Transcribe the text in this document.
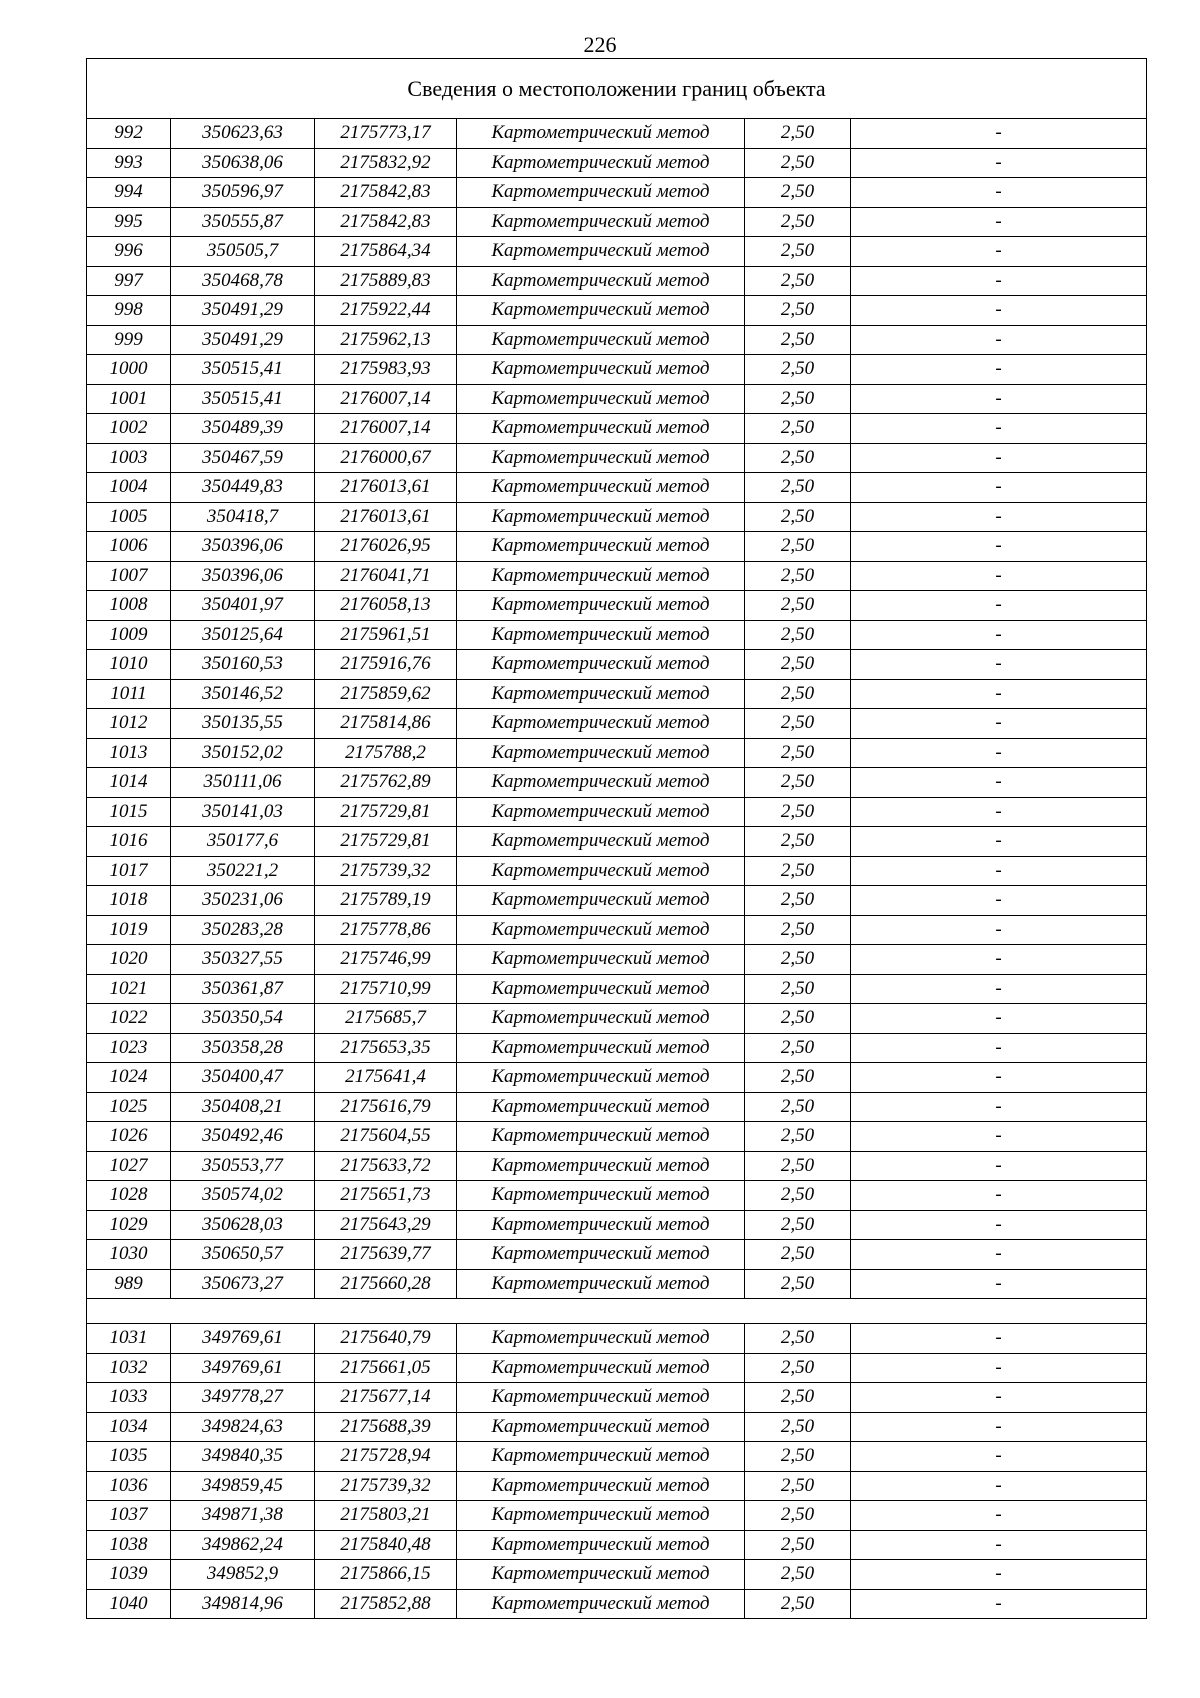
226
Сведения о местоположении границ объекта					
992	350623,63	2175773,17	Картометрический метод	2,50	-
993	350638,06	2175832,92	Картометрический метод	2,50	-
994	350596,97	2175842,83	Картометрический метод	2,50	-
995	350555,87	2175842,83	Картометрический метод	2,50	-
996	350505,7	2175864,34	Картометрический метод	2,50	-
997	350468,78	2175889,83	Картометрический метод	2,50	-
998	350491,29	2175922,44	Картометрический метод	2,50	-
999	350491,29	2175962,13	Картометрический метод	2,50	-
1000	350515,41	2175983,93	Картометрический метод	2,50	-
1001	350515,41	2176007,14	Картометрический метод	2,50	-
1002	350489,39	2176007,14	Картометрический метод	2,50	-
1003	350467,59	2176000,67	Картометрический метод	2,50	-
1004	350449,83	2176013,61	Картометрический метод	2,50	-
1005	350418,7	2176013,61	Картометрический метод	2,50	-
1006	350396,06	2176026,95	Картометрический метод	2,50	-
1007	350396,06	2176041,71	Картометрический метод	2,50	-
1008	350401,97	2176058,13	Картометрический метод	2,50	-
1009	350125,64	2175961,51	Картометрический метод	2,50	-
1010	350160,53	2175916,76	Картометрический метод	2,50	-
1011	350146,52	2175859,62	Картометрический метод	2,50	-
1012	350135,55	2175814,86	Картометрический метод	2,50	-
1013	350152,02	2175788,2	Картометрический метод	2,50	-
1014	350111,06	2175762,89	Картометрический метод	2,50	-
1015	350141,03	2175729,81	Картометрический метод	2,50	-
1016	350177,6	2175729,81	Картометрический метод	2,50	-
1017	350221,2	2175739,32	Картометрический метод	2,50	-
1018	350231,06	2175789,19	Картометрический метод	2,50	-
1019	350283,28	2175778,86	Картометрический метод	2,50	-
1020	350327,55	2175746,99	Картометрический метод	2,50	-
1021	350361,87	2175710,99	Картометрический метод	2,50	-
1022	350350,54	2175685,7	Картометрический метод	2,50	-
1023	350358,28	2175653,35	Картометрический метод	2,50	-
1024	350400,47	2175641,4	Картометрический метод	2,50	-
1025	350408,21	2175616,79	Картометрический метод	2,50	-
1026	350492,46	2175604,55	Картометрический метод	2,50	-
1027	350553,77	2175633,72	Картометрический метод	2,50	-
1028	350574,02	2175651,73	Картометрический метод	2,50	-
1029	350628,03	2175643,29	Картометрический метод	2,50	-
1030	350650,57	2175639,77	Картометрический метод	2,50	-
989	350673,27	2175660,28	Картометрический метод	2,50	-

1031	349769,61	2175640,79	Картометрический метод	2,50	-
1032	349769,61	2175661,05	Картометрический метод	2,50	-
1033	349778,27	2175677,14	Картометрический метод	2,50	-
1034	349824,63	2175688,39	Картометрический метод	2,50	-
1035	349840,35	2175728,94	Картометрический метод	2,50	-
1036	349859,45	2175739,32	Картометрический метод	2,50	-
1037	349871,38	2175803,21	Картометрический метод	2,50	-
1038	349862,24	2175840,48	Картометрический метод	2,50	-
1039	349852,9	2175866,15	Картометрический метод	2,50	-
1040	349814,96	2175852,88	Картометрический метод	2,50	-
